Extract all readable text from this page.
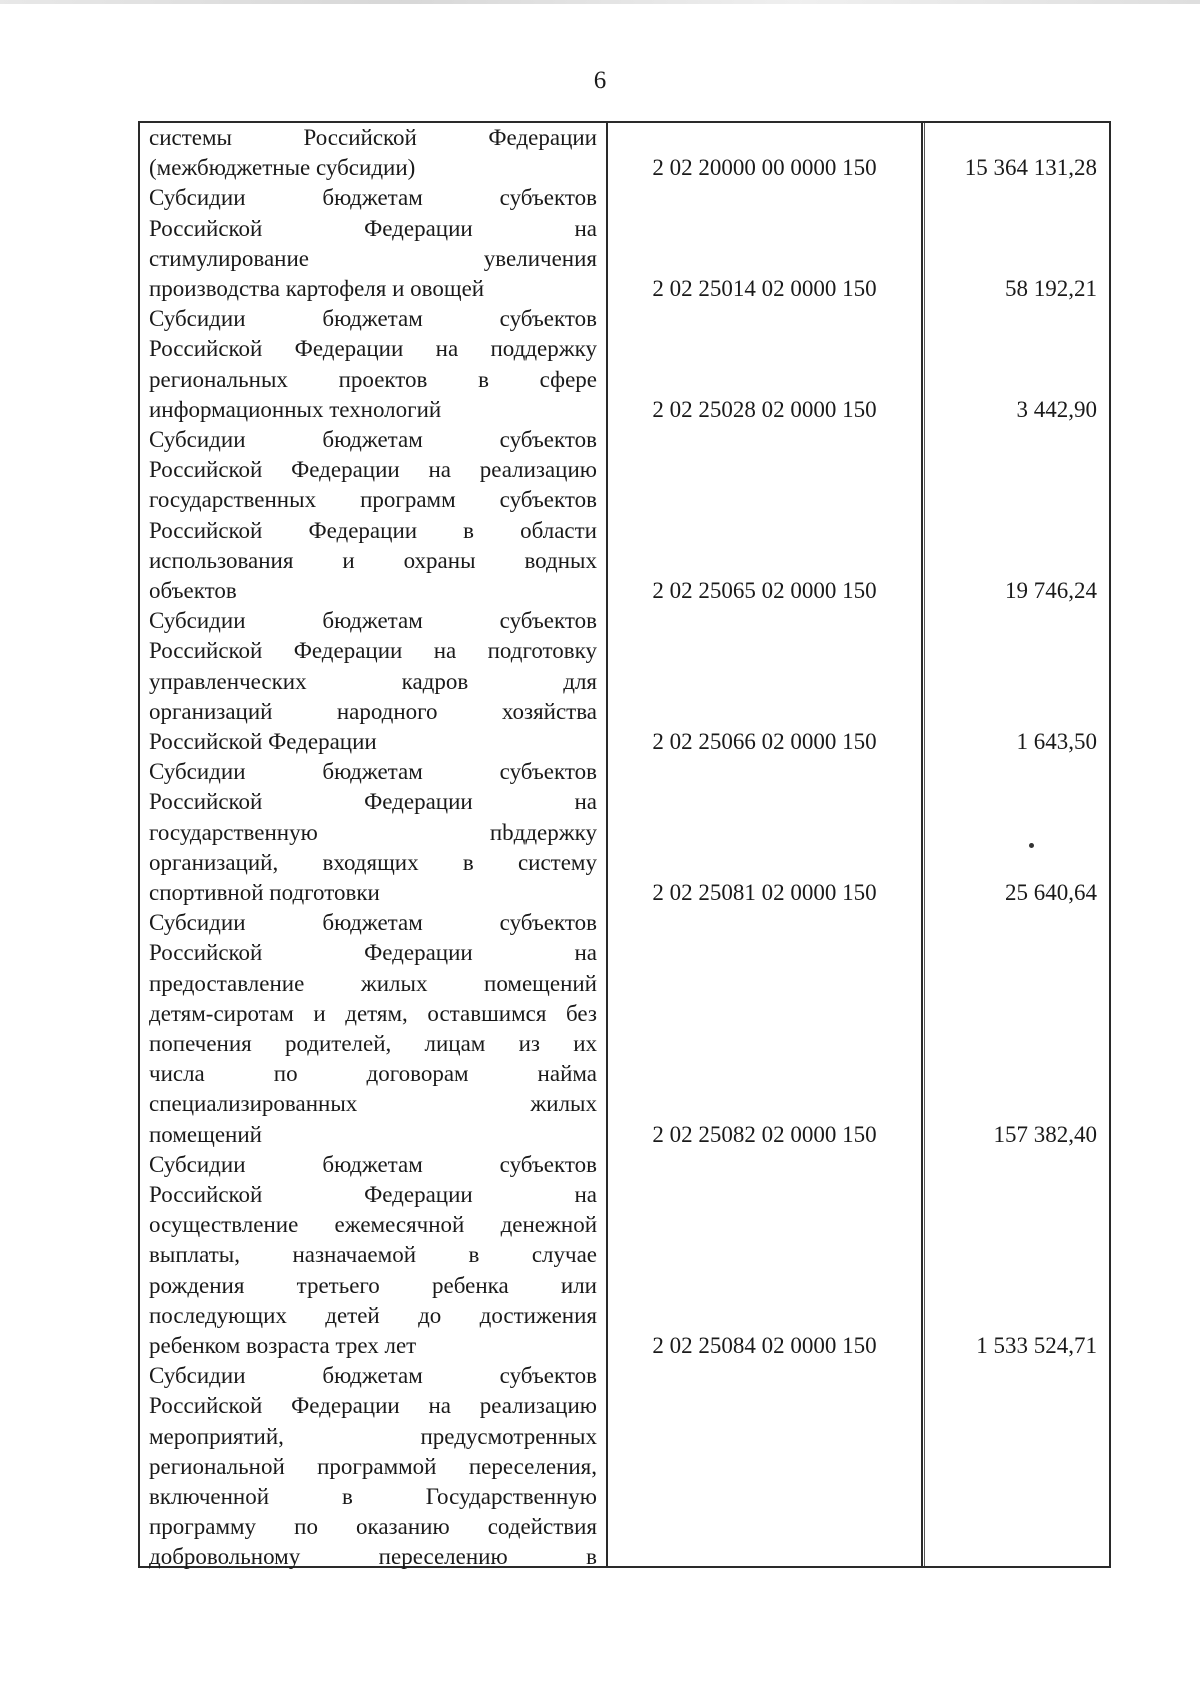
6
системы Российской Федерации
(межбюджетные субсидии)	2 02 20000 00 0000 150	15 364 131,28
Субсидии бюджетам субъектов
Российской Федерации на
стимулирование увеличения
производства картофеля и овощей	2 02 25014 02 0000 150	58 192,21
Субсидии бюджетам субъектов
Российской Федерации на поддержку
региональных проектов в сфере
информационных технологий	2 02 25028 02 0000 150	3 442,90
Субсидии бюджетам субъектов
Российской Федерации на реализацию
государственных программ субъектов
Российской Федерации в области
использования и охраны водных
объектов	2 02 25065 02 0000 150	19 746,24
Субсидии бюджетам субъектов
Российской Федерации на подготовку
управленческих кадров для
организаций народного хозяйства
Российской Федерации	2 02 25066 02 0000 150	1 643,50
Субсидии бюджетам субъектов
Российской Федерации на
государственную пbддержку
организаций, входящих в систему
спортивной подготовки	2 02 25081 02 0000 150	25 640,64
Субсидии бюджетам субъектов
Российской Федерации на
предоставление жилых помещений
детям-сиротам и детям, оставшимся без
попечения родителей, лицам из их
числа по договорам найма
специализированных жилых
помещений	2 02 25082 02 0000 150	157 382,40
Субсидии бюджетам субъектов
Российской Федерации на
осуществление ежемесячной денежной
выплаты, назначаемой в случае
рождения третьего ребенка или
последующих детей до достижения
ребенком возраста трех лет	2 02 25084 02 0000 150	1 533 524,71
Субсидии бюджетам субъектов
Российской Федерации на реализацию
мероприятий, предусмотренных
региональной программой переселения,
включенной в Государственную
программу по оказанию содействия
добровольному переселению в
